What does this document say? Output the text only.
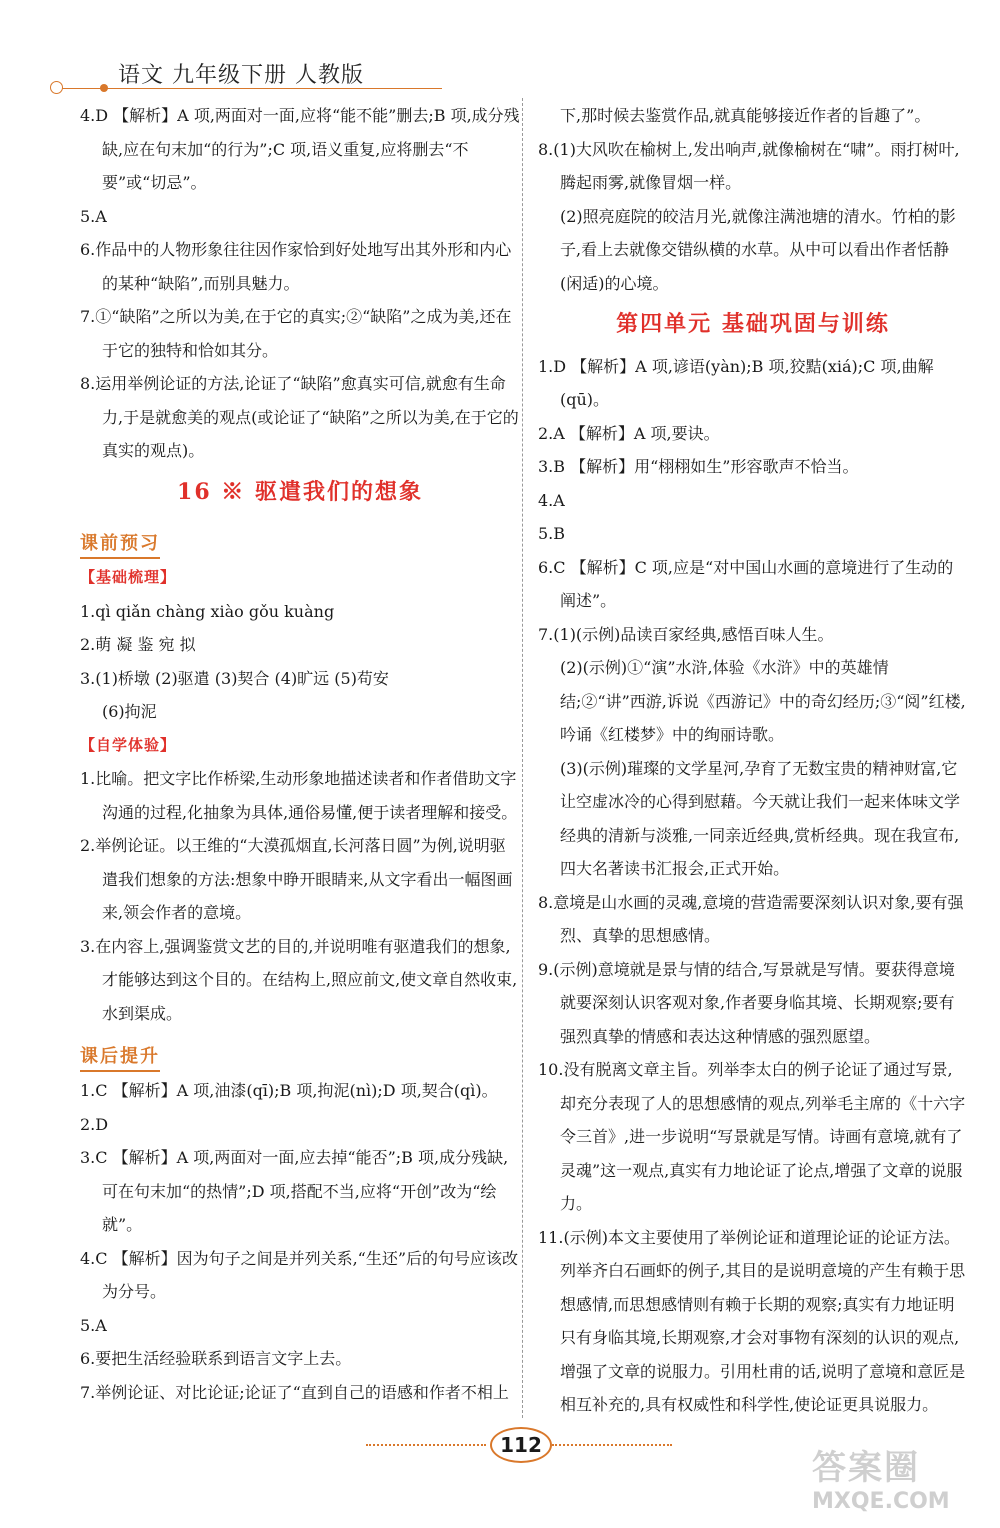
语文 九年级下册 人教版

4.D 【解析】A 项,两面对一面,应将“能不能”删去;B 项,成分残缺,应在句末加“的行为”;C 项,语义重复,应将删去“不要”或“切忌”。

5.A

6.作品中的人物形象往往因作家恰到好处地写出其外形和内心的某种“缺陷”,而别具魅力。

7.①“缺陷”之所以为美,在于它的真实;②“缺陷”之成为美,还在于它的独特和恰如其分。

8.运用举例论证的方法,论证了“缺陷”愈真实可信,就愈有生命力,于是就愈美的观点(或论证了“缺陷”之所以为美,在于它的真实的观点)。

16 ※ 驱遣我们的想象
课前预习

【基础梳理】

1.qì qiǎn chàng xiào gǒu kuàng

2.萌 凝 鉴 宛 拟

3.(1)桥墩 (2)驱遣 (3)契合 (4)旷远 (5)苟安

(6)拘泥

【自学体验】

1.比喻。把文字比作桥梁,生动形象地描述读者和作者借助文字沟通的过程,化抽象为具体,通俗易懂,便于读者理解和接受。

2.举例论证。以王维的“大漠孤烟直,长河落日圆”为例,说明驱遣我们想象的方法:想象中睁开眼睛来,从文字看出一幅图画来,领会作者的意境。

3.在内容上,强调鉴赏文艺的目的,并说明唯有驱遣我们的想象,才能够达到这个目的。在结构上,照应前文,使文章自然收束,水到渠成。

课后提升

1.C 【解析】A 项,油漆(qī);B 项,拘泥(nì);D 项,契合(qì)。

2.D

3.C 【解析】A 项,两面对一面,应去掉“能否”;B 项,成分残缺,可在句末加“的热情”;D 项,搭配不当,应将“开创”改为“绘就”。

4.C 【解析】因为句子之间是并列关系,“生还”后的句号应该改为分号。

5.A

6.要把生活经验联系到语言文字上去。

7.举例论证、对比论证;论证了“直到自己的语感和作者不相上

下,那时候去鉴赏作品,就真能够接近作者的旨趣了”。

8.(1)大风吹在榆树上,发出响声,就像榆树在“啸”。雨打树叶,腾起雨雾,就像冒烟一样。

(2)照亮庭院的皎洁月光,就像注满池塘的清水。竹柏的影子,看上去就像交错纵横的水草。从中可以看出作者恬静(闲适)的心境。

第四单元 基础巩固与训练

1.D 【解析】A 项,谚语(yàn);B 项,狡黠(xiá);C 项,曲解(qū)。

2.A 【解析】A 项,要诀。

3.B 【解析】用“栩栩如生”形容歌声不恰当。

4.A

5.B

6.C 【解析】C 项,应是“对中国山水画的意境进行了生动的阐述”。

7.(1)(示例)品读百家经典,感悟百味人生。

(2)(示例)①“演”水浒,体验《水浒》中的英雄情结;②“讲”西游,诉说《西游记》中的奇幻经历;③“阅”红楼,吟诵《红楼梦》中的绚丽诗歌。

(3)(示例)璀璨的文学星河,孕育了无数宝贵的精神财富,它让空虚冰冷的心得到慰藉。今天就让我们一起来体味文学经典的清新与淡雅,一同亲近经典,赏析经典。现在我宣布,四大名著读书汇报会,正式开始。

8.意境是山水画的灵魂,意境的营造需要深刻认识对象,要有强烈、真挚的思想感情。

9.(示例)意境就是景与情的结合,写景就是写情。要获得意境就要深刻认识客观对象,作者要身临其境、长期观察;要有强烈真挚的情感和表达这种情感的强烈愿望。

10.没有脱离文章主旨。列举李太白的例子论证了通过写景,却充分表现了人的思想感情的观点,列举毛主席的《十六字令三首》,进一步说明“写景就是写情。诗画有意境,就有了灵魂”这一观点,真实有力地论证了论点,增强了文章的说服力。

11.(示例)本文主要使用了举例论证和道理论证的论证方法。列举齐白石画虾的例子,其目的是说明意境的产生有赖于思想感情,而思想感情则有赖于长期的观察;真实有力地证明只有身临其境,长期观察,才会对事物有深刻的认识的观点,增强了文章的说服力。引用杜甫的话,说明了意境和意匠是相互补充的,具有权威性和科学性,使论证更具说服力。

112
答案圈
MXQE.COM
